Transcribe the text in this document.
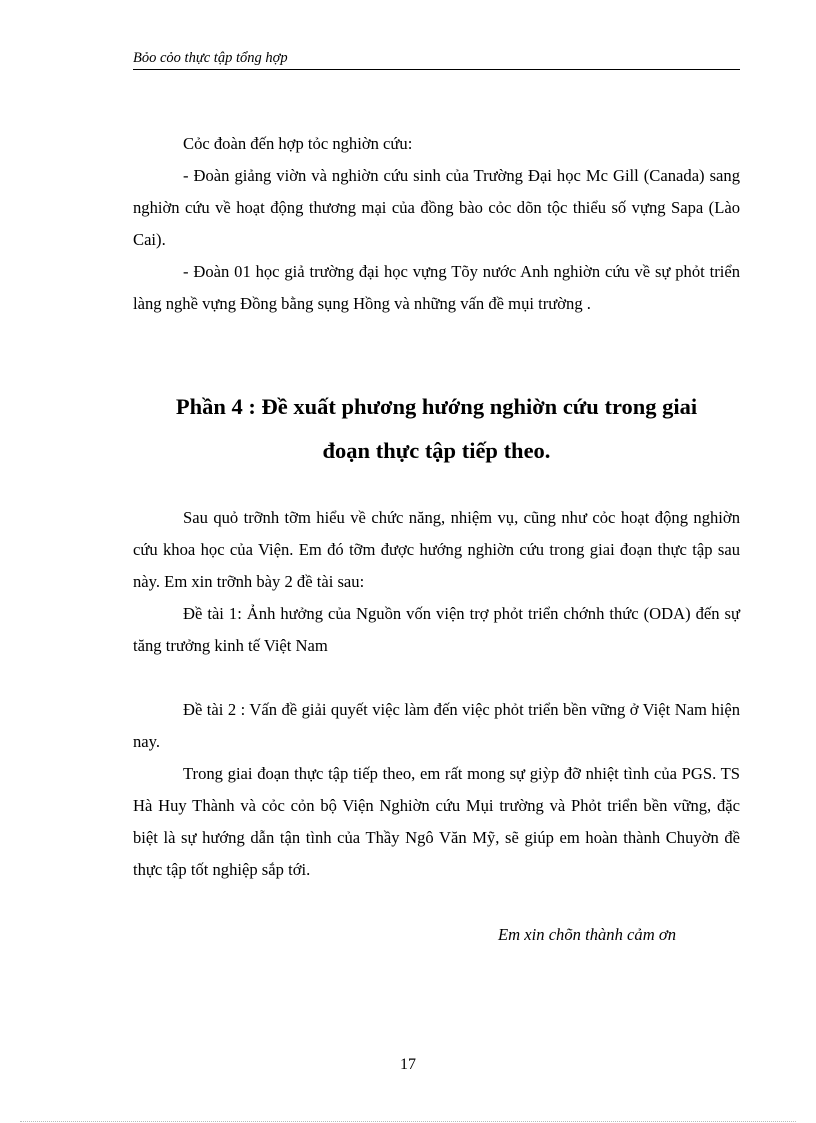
Bỏo cỏo thực tập tổng hợp
Cỏc đoàn đến hợp tỏc nghiờn cứu:
- Đoàn giảng viờn và nghiờn cứu sinh của Trường Đại học Mc Gill (Canada) sang nghiờn cứu về hoạt động thương mại của đồng bào cỏc dõn tộc thiểu số vựng Sapa (Lào Cai).
- Đoàn 01 học giả trường đại học vựng Tõy nước Anh nghiờn cứu về sự phỏt triển làng nghề vựng Đồng bằng sụng Hồng và những vấn đề mụi trường .
Phần 4 : Đề xuất phương hướng nghiờn cứu trong giai
đoạn thực tập tiếp theo.
Sau quỏ trỡnh tỡm hiểu về chức năng, nhiệm vụ, cũng như cỏc hoạt động nghiờn cứu khoa học của Viện. Em đó tỡm được hướng nghiờn cứu trong giai đoạn thực tập sau này. Em xin trỡnh bày 2 đề tài sau:
Đề tài 1: Ảnh hưởng của Nguồn vốn viện trợ phỏt triển chớnh thức (ODA) đến sự tăng trưởng kinh tế Việt Nam
Đề tài 2 : Vấn đề giải quyết việc làm đến việc phỏt triển bền vững ở Việt Nam hiện nay.
Trong giai đoạn thực tập tiếp theo, em rất mong sự giỳp đỡ nhiệt tình của PGS. TS Hà Huy Thành và cỏc cỏn bộ Viện Nghiờn cứu Mụi trường và Phỏt triển bền vững, đặc biệt là sự hướng dẫn tận tình của Thầy Ngô Văn Mỹ, sẽ giúp em hoàn thành Chuyờn đề thực tập tốt nghiệp sắp tới.
Em xin chõn thành cảm ơn
17
